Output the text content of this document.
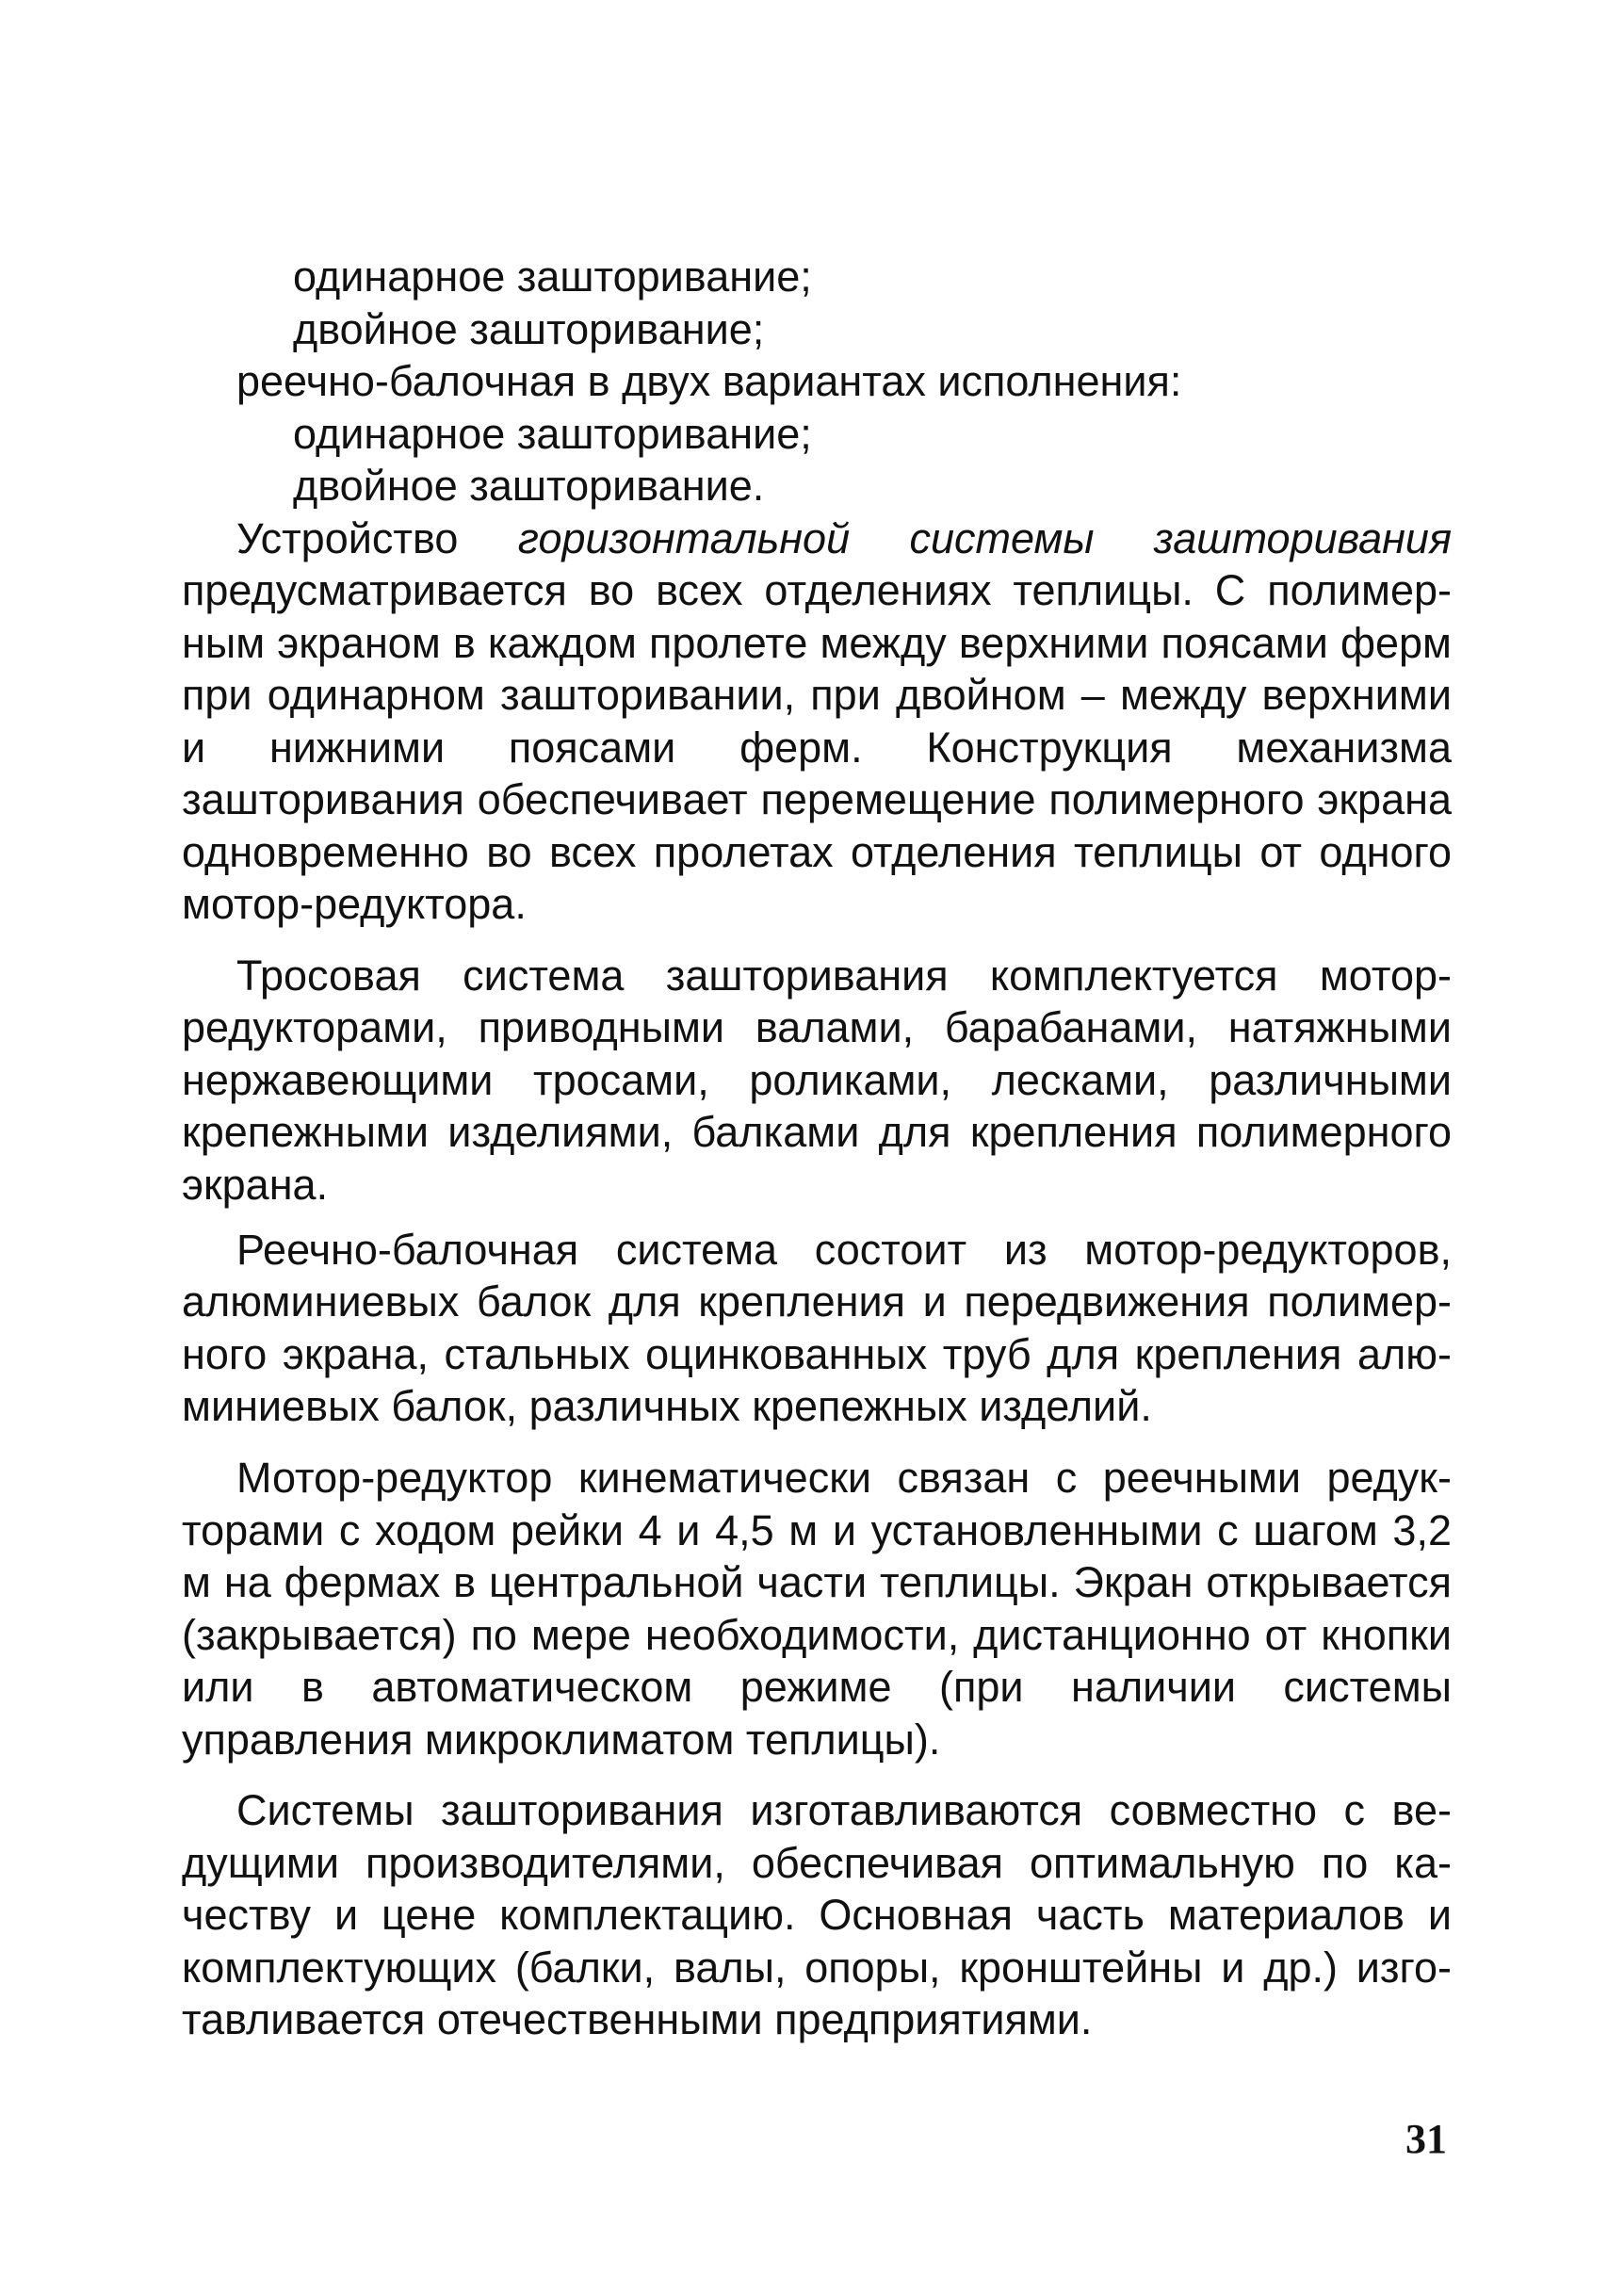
одинарное зашторивание;

двойное зашторивание;

реечно-балочная в двух вариантах исполнения:

одинарное зашторивание;

двойное зашторивание.

Устройство горизонтальной системы зашторивания предусматривается во всех отделениях теплицы. С полимерным экраном в каждом пролете между верхними поясами ферм при одинарном зашторивании, при двойном – между верхними и нижними поясами ферм. Конструкция механизма зашторивания обеспечивает перемещение полимерного экрана одновременно во всех пролетах отделения теплицы от одного мотор-редуктора.

Тросовая система зашторивания комплектуется мотор-редукторами, приводными валами, барабанами, натяжными нержавеющими тросами, роликами, лесками, различными крепежными изделиями, балками для крепления полимерного экрана.

Реечно-балочная система состоит из мотор-редукторов, алюминиевых балок для крепления и передвижения полимерного экрана, стальных оцинкованных труб для крепления алюминиевых балок, различных крепежных изделий.

Мотор-редуктор кинематически связан с реечными редукторами с ходом рейки 4 и 4,5 м и установленными с шагом 3,2 м на фермах в центральной части теплицы. Экран открывается (закрывается) по мере необходимости, дистанционно от кнопки или в автоматическом режиме (при наличии системы управления микроклиматом теплицы).

Системы зашторивания изготавливаются совместно с ведущими производителями, обеспечивая оптимальную по качеству и цене комплектацию. Основная часть материалов и комплектующих (балки, валы, опоры, кронштейны и др.) изготавливается отечественными предприятиями.

31
